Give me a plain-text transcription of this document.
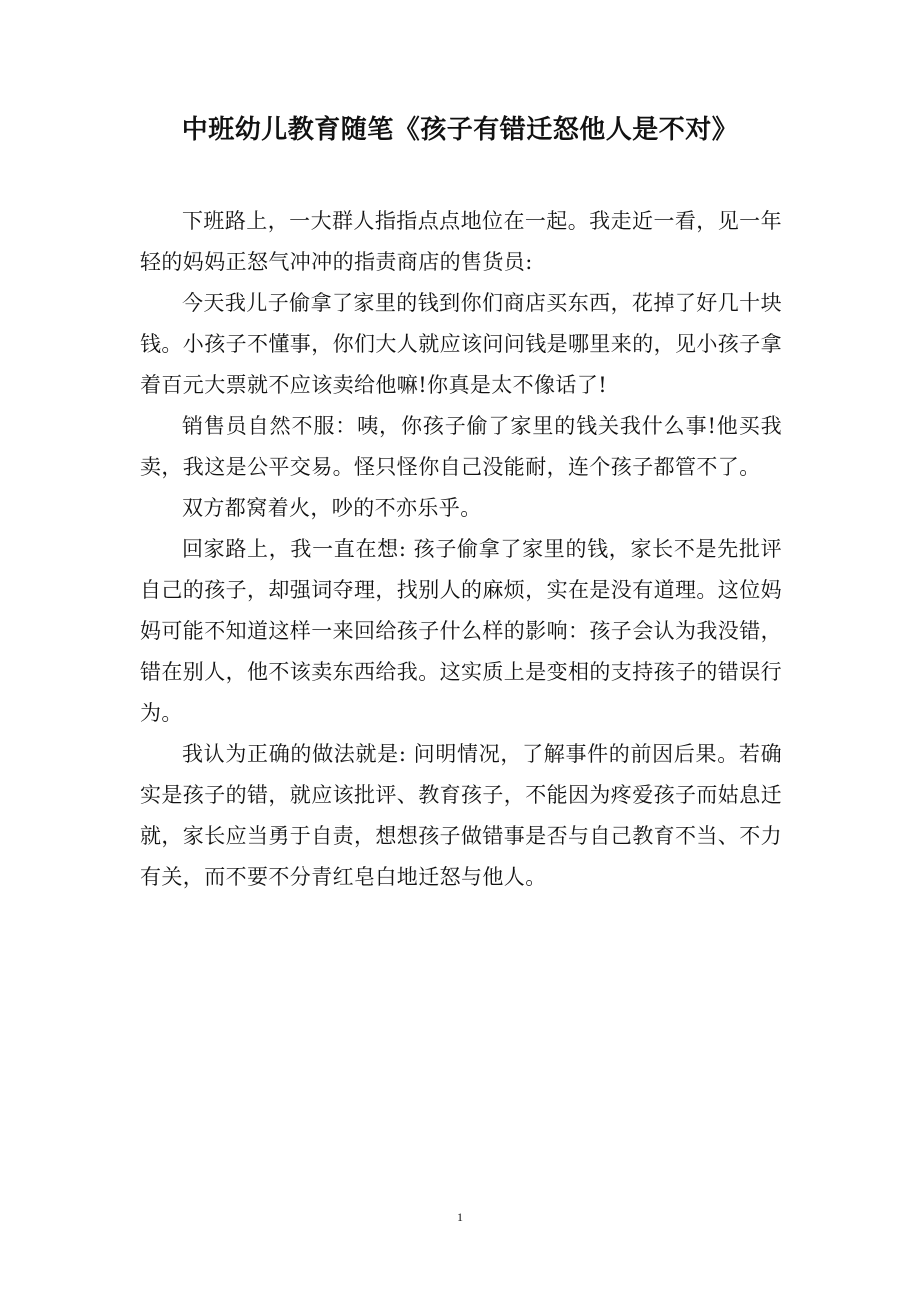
中班幼儿教育随笔《孩子有错迁怒他人是不对》

下班路上，一大群人指指点点地位在一起。我走近一看，见一年轻的妈妈正怒气冲冲的指责商店的售货员:

今天我儿子偷拿了家里的钱到你们商店买东西，花掉了好几十块钱。小孩子不懂事，你们大人就应该问问钱是哪里来的，见小孩子拿着百元大票就不应该卖给他嘛!你真是太不像话了!

销售员自然不服：咦，你孩子偷了家里的钱关我什么事!他买我卖，我这是公平交易。怪只怪你自己没能耐，连个孩子都管不了。

双方都窝着火，吵的不亦乐乎。

回家路上，我一直在想: 孩子偷拿了家里的钱，家长不是先批评自己的孩子，却强词夺理，找别人的麻烦，实在是没有道理。这位妈妈可能不知道这样一来回给孩子什么样的影响：孩子会认为我没错，错在别人，他不该卖东西给我。这实质上是变相的支持孩子的错误行为。

我认为正确的做法就是: 问明情况，了解事件的前因后果。若确实是孩子的错，就应该批评、教育孩子，不能因为疼爱孩子而姑息迁就，家长应当勇于自责，想想孩子做错事是否与自己教育不当、不力有关，而不要不分青红皂白地迁怒与他人。

1
